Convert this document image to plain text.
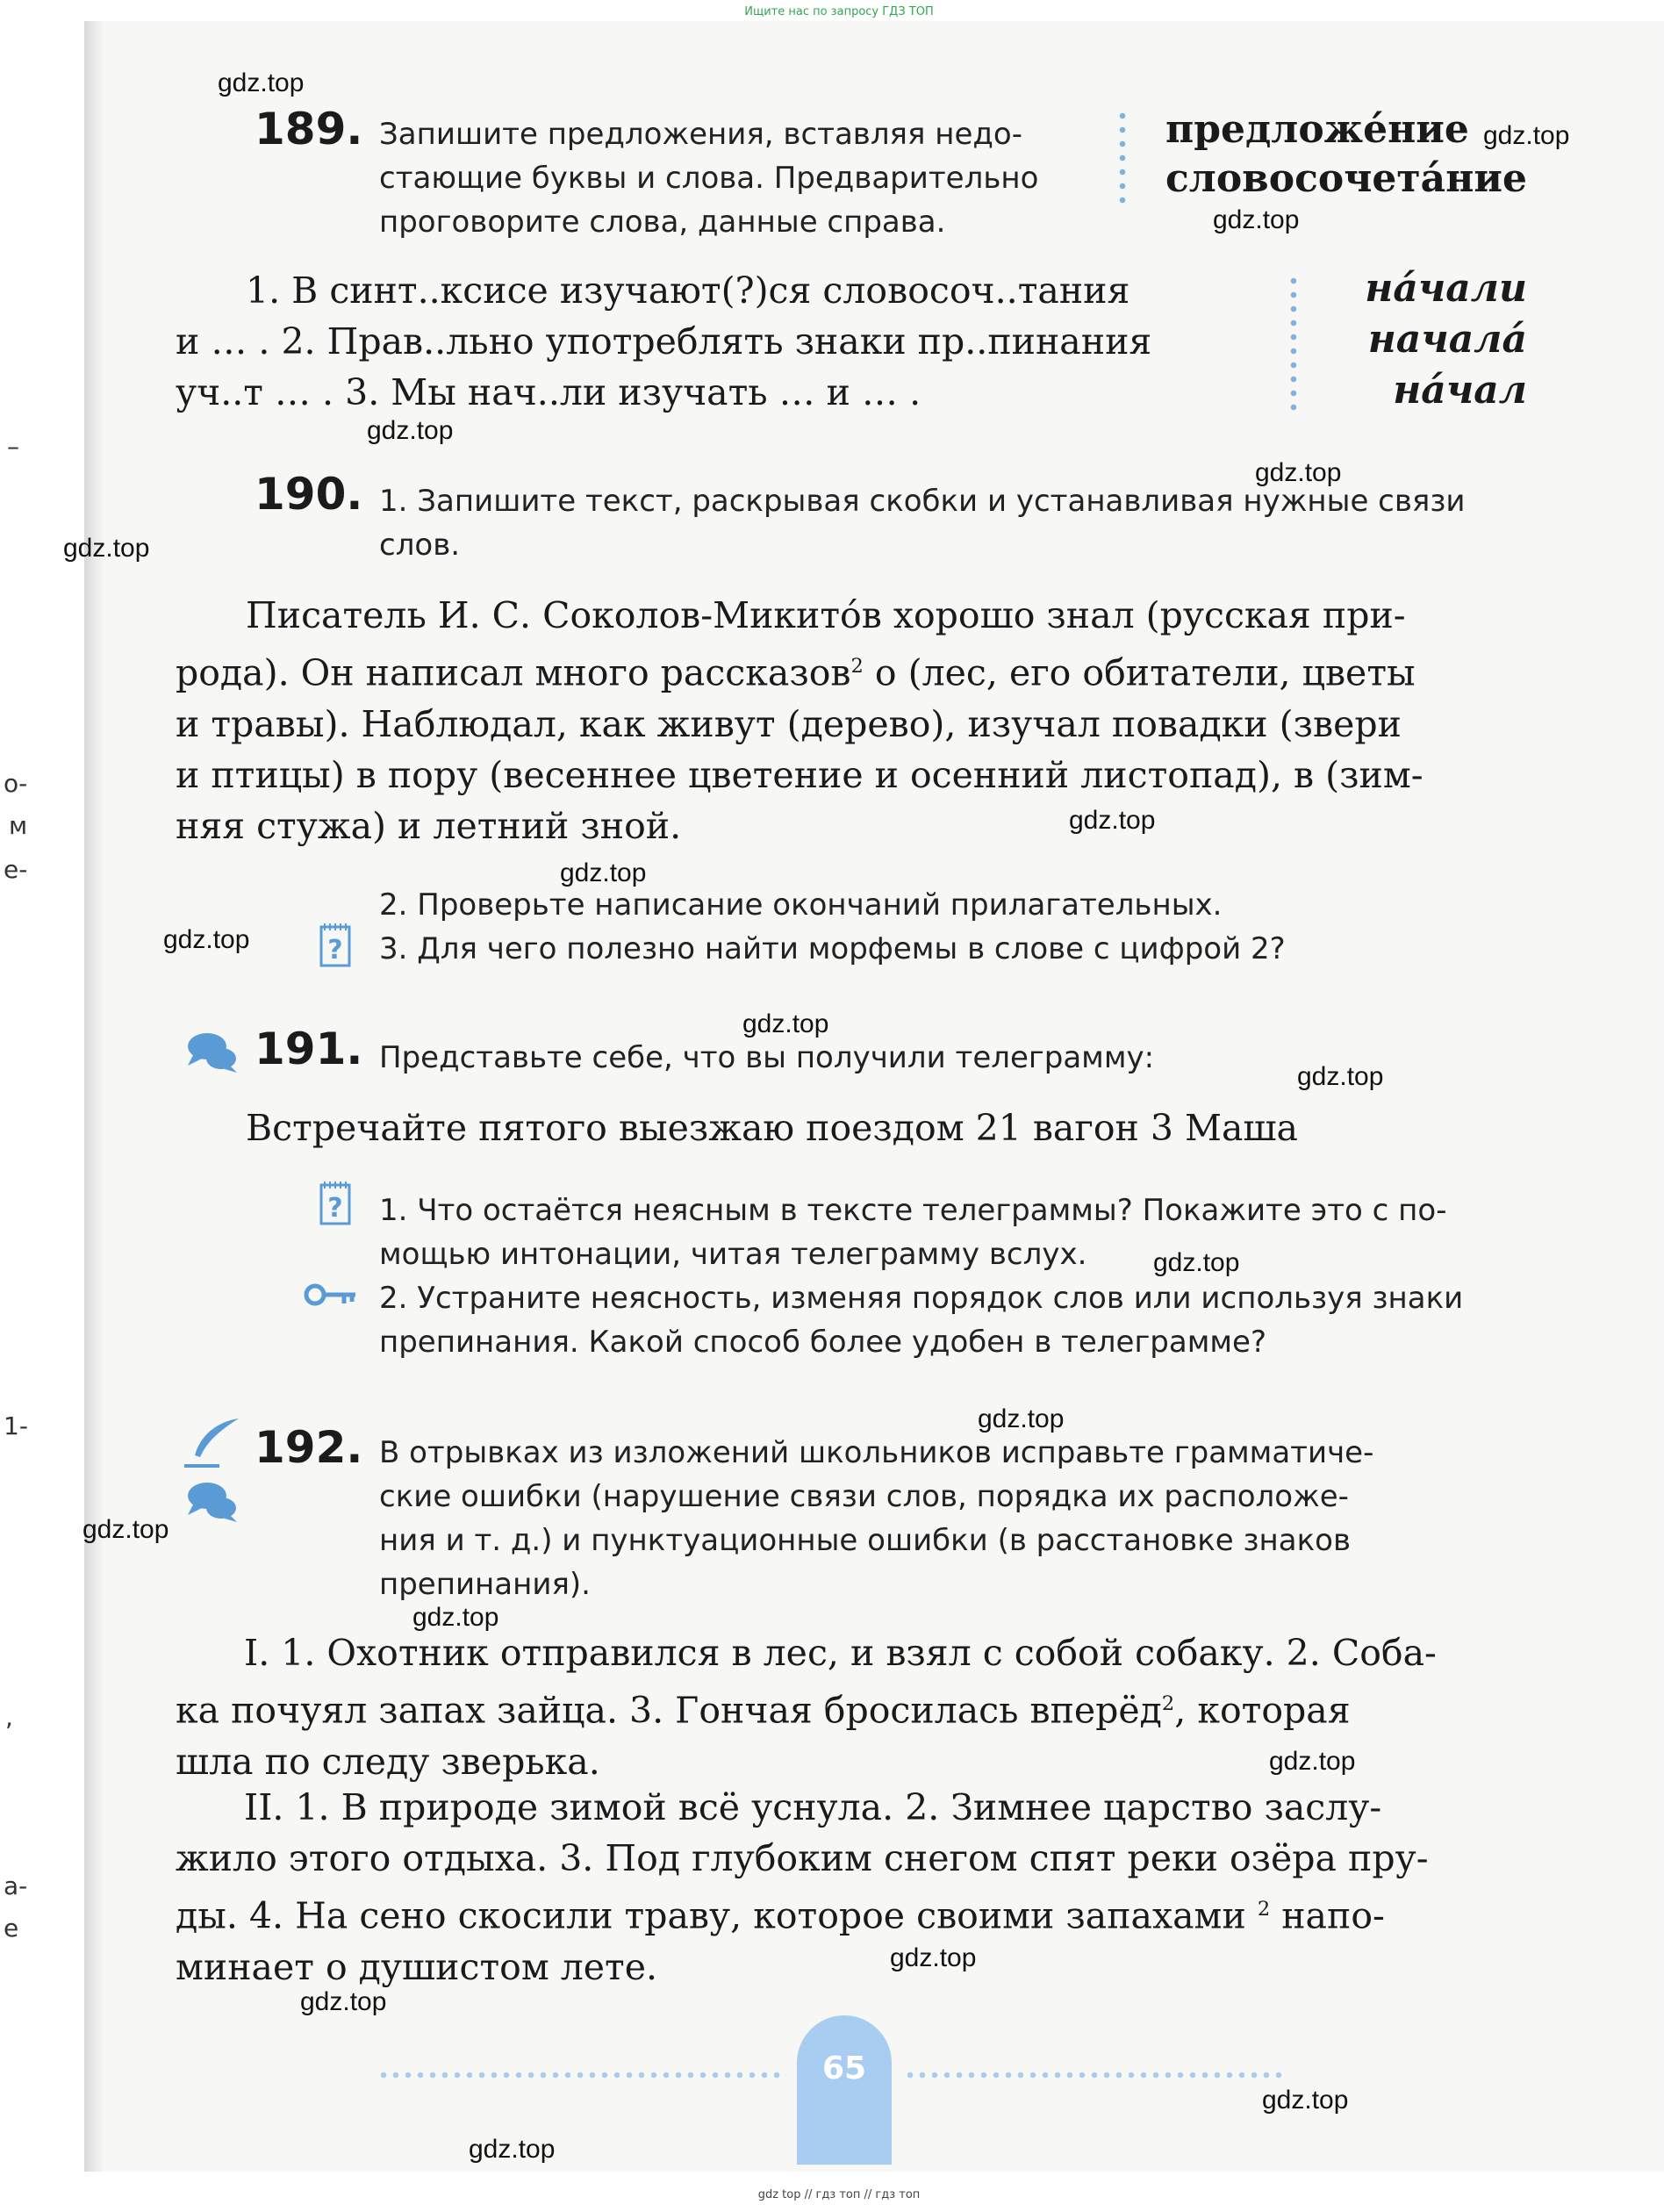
Ищите нас по запросу ГДЗ ТОП
–
о-
м
е-
1-
,
а-
е
189. Запишите предложения, вставляя недо-

стающие буквы и слова. Предварительно

проговорите слова, данные справа.

предложéние
словосочетáние

1. В синт..ксисе изучают(?)ся словосоч..тания

и … . 2. Прав..льно употреблять знаки пр..пинания

уч..т … . 3. Мы нач..ли изучать … и … .

нáчали
началá
нáчал
190. 1. Запишите текст, раскрывая скобки и устанавливая нужные связи

слов.

Писатель И. С. Соколов-Микитóв хорошо знал (русская при-

рода). Он написал много рассказов$^2$ о (лес, его обитатели, цветы

и травы). Наблюдал, как живут (дерево), изучал повадки (звери

и птицы) в пору (весеннее цветение и осенний листопад), в (зим-

няя стужа) и летний зной.

2. Проверьте написание окончаний прилагательных.
? 3. Для чего полезно найти морфемы в слове с цифрой 2?
191. Представьте себе, что вы получили телеграмму:
Встречайте пятого выезжаю поездом 21 вагон 3 Маша
? 1. Что остаётся неясным в тексте телеграммы? Покажите это с по-

мощью интонации, читая телеграмму вслух.

2. Устраните неясность, изменяя порядок слов или используя знаки

препинания. Какой способ более удобен в телеграмме?

192. В отрывках из изложений школьников исправьте грамматиче-

ские ошибки (нарушение связи слов, порядка их расположе-

ния и т. д.) и пунктуационные ошибки (в расстановке знаков

препинания).

I. 1. Охотник отправился в лес, и взял с собой собаку. 2. Соба-

ка почуял запах зайца. 3. Гончая бросилась вперёд$^2$, которая

шла по следу зверька.

II. 1. В природе зимой всё уснула. 2. Зимнее царство заслу-

жило этого отдыха. 3. Под глубоким снегом спят реки озёра пру-

ды. 4. На сено скосили траву, которое своими запахами $^2$ напо-

минает о душистом лете.

65
gdz.top
gdz.top
gdz.top
gdz.top
gdz.top
gdz.top
gdz.top
gdz.top
gdz.top
gdz.top
gdz.top
gdz.top
gdz.top
gdz.top
gdz.top
gdz.top
gdz.top
gdz.top
gdz.top
gdz.top
gdz top // гдз топ // гдз топ
